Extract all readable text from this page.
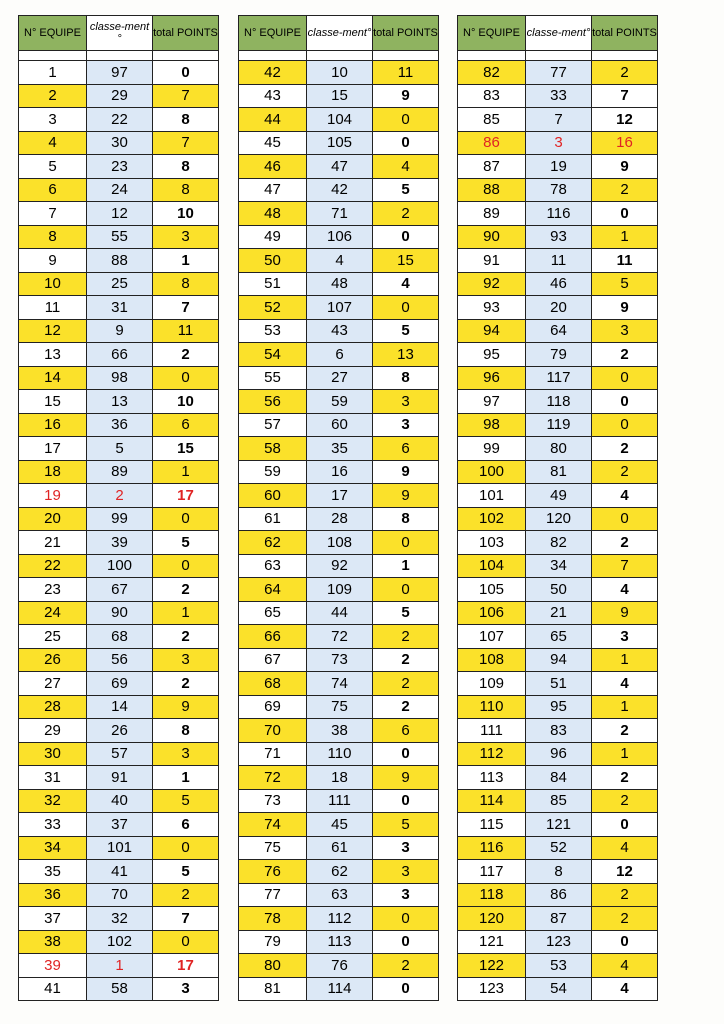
N° EQUIPE	classe-ment °	total POINTS

1	97	0
2	29	7
3	22	8
4	30	7
5	23	8
6	24	8
7	12	10
8	55	3
9	88	1
10	25	8
11	31	7
12	9	11
13	66	2
14	98	0
15	13	10
16	36	6
17	5	15
18	89	1
19	2	17
20	99	0
21	39	5
22	100	0
23	67	2
24	90	1
25	68	2
26	56	3
27	69	2
28	14	9
29	26	8
30	57	3
31	91	1
32	40	5
33	37	6
34	101	0
35	41	5
36	70	2
37	32	7
38	102	0
39	1	17
41	58	3
N° EQUIPE	classe-ment°	total POINTS

42	10	11
43	15	9
44	104	0
45	105	0
46	47	4
47	42	5
48	71	2
49	106	0
50	4	15
51	48	4
52	107	0
53	43	5
54	6	13
55	27	8
56	59	3
57	60	3
58	35	6
59	16	9
60	17	9
61	28	8
62	108	0
63	92	1
64	109	0
65	44	5
66	72	2
67	73	2
68	74	2
69	75	2
70	38	6
71	110	0
72	18	9
73	111	0
74	45	5
75	61	3
76	62	3
77	63	3
78	112	0
79	113	0
80	76	2
81	114	0
N° EQUIPE	classe-ment°	total POINTS

82	77	2
83	33	7
85	7	12
86	3	16
87	19	9
88	78	2
89	116	0
90	93	1
91	11	11
92	46	5
93	20	9
94	64	3
95	79	2
96	117	0
97	118	0
98	119	0
99	80	2
100	81	2
101	49	4
102	120	0
103	82	2
104	34	7
105	50	4
106	21	9
107	65	3
108	94	1
109	51	4
110	95	1
111	83	2
112	96	1
113	84	2
114	85	2
115	121	0
116	52	4
117	8	12
118	86	2
120	87	2
121	123	0
122	53	4
123	54	4
